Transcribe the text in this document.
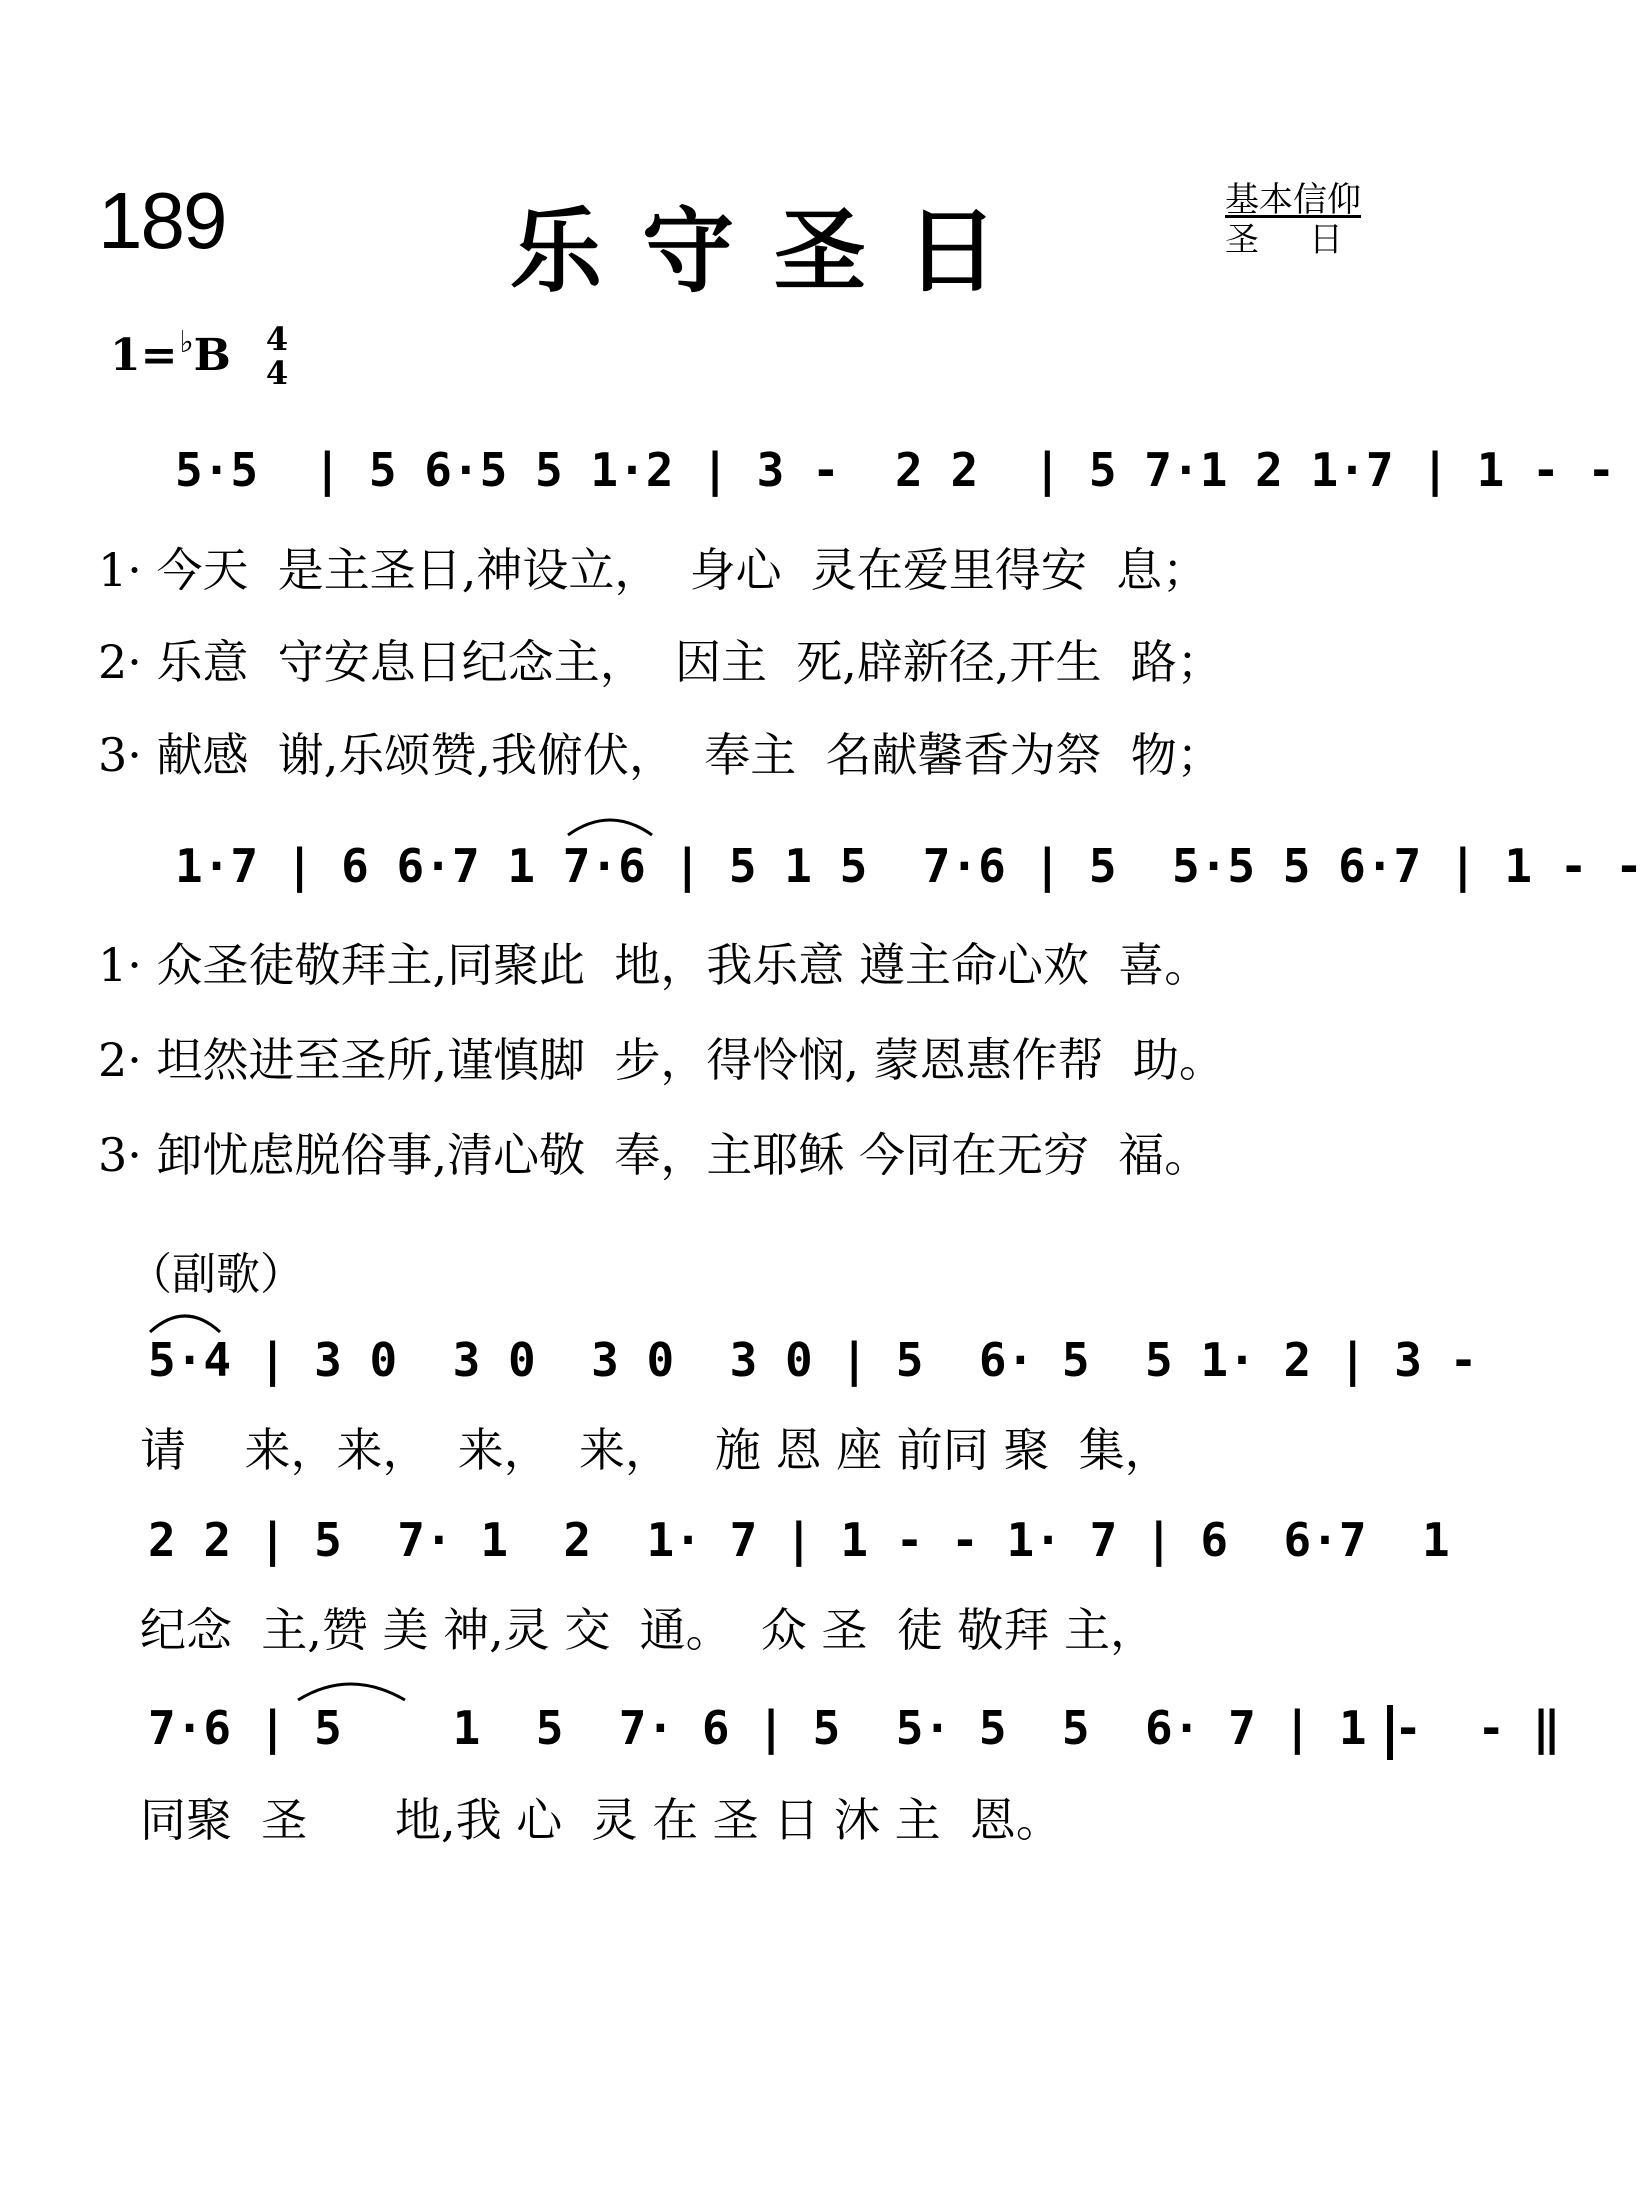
189	乐守圣日	基本信仰
圣日
1=♭B 4
4
5·5  | 5 6·5 5 1·2 | 3 -  2 2  | 5 7·1 2 1·7 | 1 - -
1· 今天  是主圣日,神设立，  身心  灵在爱里得安  息；
2· 乐意  守安息日纪念主，  因主  死,辟新径,开生  路；
3· 献感  谢,乐颂赞,我俯伏，  奉主  名献馨香为祭  物；
1·7 | 6 6·7 1 7·6 | 5 1 5  7·6 | 5  5·5 5 6·7 | 1 - -
1· 众圣徒敬拜主,同聚此  地，我乐意 遵主命心欢  喜。
2· 坦然进至圣所,谨慎脚  步，得怜悯, 蒙恩惠作帮  助。
3· 卸忧虑脱俗事,清心敬  奉，主耶稣 今同在无穷  福。
（副歌）
5·4 | 3 0  3 0  3 0  3 0 | 5  6· 5  5 1· 2 | 3 -
请    来，来，  来，  来，   施 恩 座 前同 聚  集，
2 2 | 5  7· 1  2  1· 7 | 1 - - 1· 7 | 6  6·7  1
纪念  主,赞 美 神,灵 交  通。  众 圣  徒 敬拜 主，
7·6 | 5    1  5  7· 6 | 5  5· 5  5  6· 7 | 1 -  - ‖
同聚  圣      地,我 心  灵 在 圣 日 沐 主  恩。
